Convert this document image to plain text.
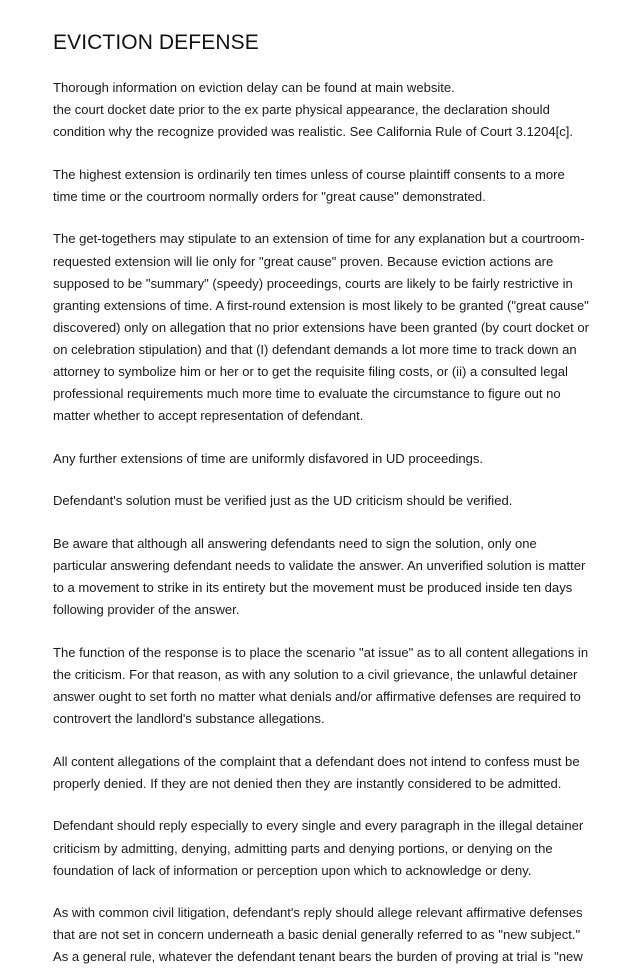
EVICTION DEFENSE

Thorough information on eviction delay can be found at main website.
the court docket date prior to the ex parte physical appearance, the declaration should
condition why the recognize provided was realistic. See California Rule of Court 3.1204[c].

The highest extension is ordinarily ten times unless of course plaintiff consents to a more
time time or the courtroom normally orders for "great cause" demonstrated.

The get-togethers may stipulate to an extension of time for any explanation but a courtroom-
requested extension will lie only for "great cause" proven. Because eviction actions are
supposed to be "summary" (speedy) proceedings, courts are likely to be fairly restrictive in
granting extensions of time. A first-round extension is most likely to be granted ("great cause"
discovered) only on allegation that no prior extensions have been granted (by court docket or
on celebration stipulation) and that (I) defendant demands a lot more time to track down an
attorney to symbolize him or her or to get the requisite filing costs, or (ii) a consulted legal
professional requirements much more time to evaluate the circumstance to figure out no
matter whether to accept representation of defendant.

Any further extensions of time are uniformly disfavored in UD proceedings.

Defendant's solution must be verified just as the UD criticism should be verified.

Be aware that although all answering defendants need to sign the solution, only one
particular answering defendant needs to validate the answer. An unverified solution is matter
to a movement to strike in its entirety but the movement must be produced inside ten days
following provider of the answer.

The function of the response is to place the scenario "at issue" as to all content allegations in
the criticism. For that reason, as with any solution to a civil grievance, the unlawful detainer
answer ought to set forth no matter what denials and/or affirmative defenses are required to
controvert the landlord's substance allegations.

All content allegations of the complaint that a defendant does not intend to confess must be
properly denied. If they are not denied then they are instantly considered to be admitted.

Defendant should reply especially to every single and every paragraph in the illegal detainer
criticism by admitting, denying, admitting parts and denying portions, or denying on the
foundation of lack of information or perception upon which to acknowledge or deny.

As with common civil litigation, defendant's reply should allege relevant affirmative defenses
that are not set in concern underneath a basic denial generally referred to as "new subject."
As a general rule, whatever the defendant tenant bears the burden of proving at trial is "new
